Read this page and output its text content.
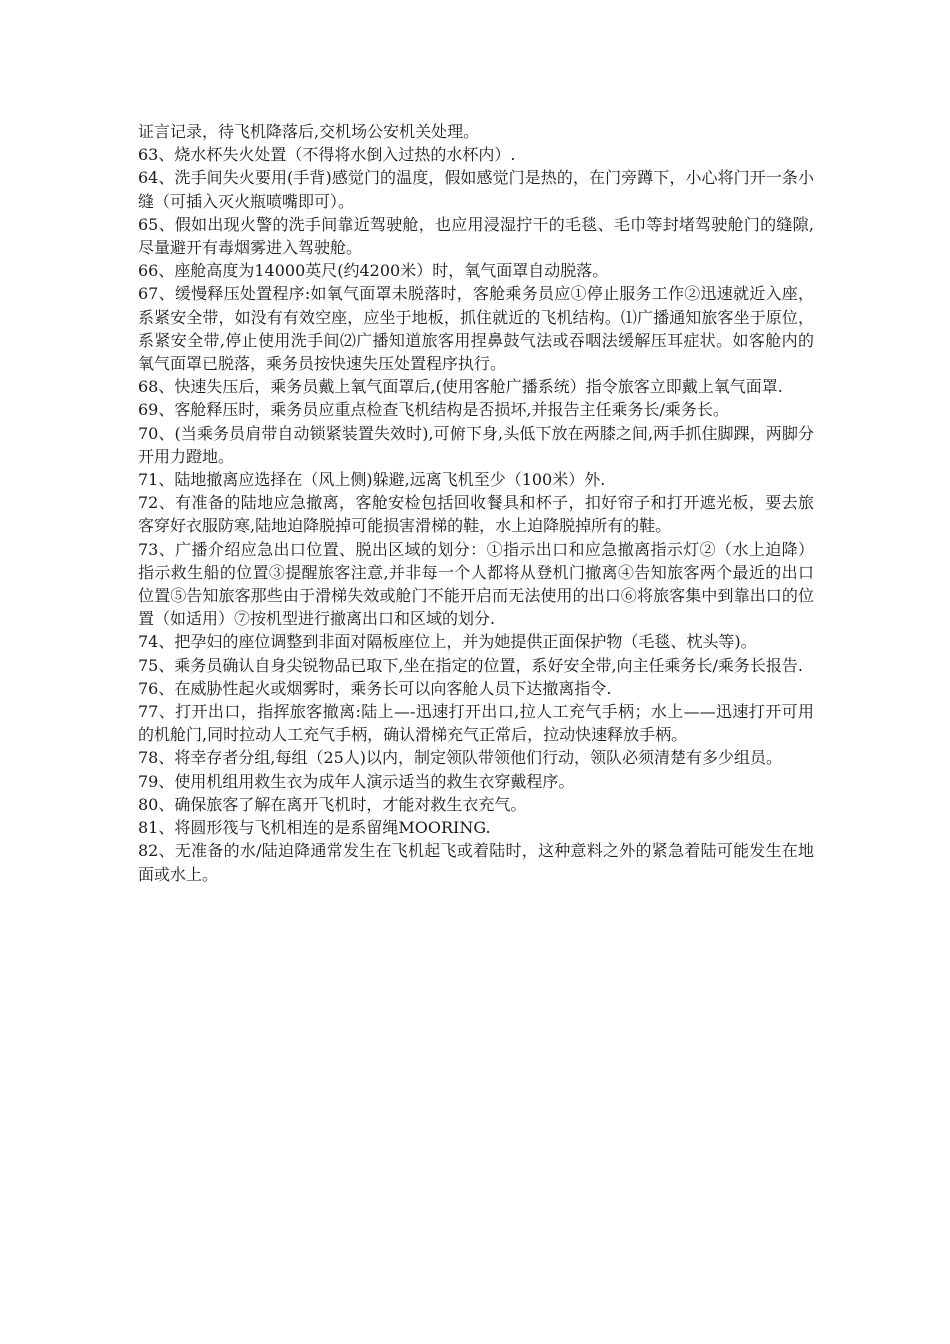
证言记录，待飞机降落后,交机场公安机关处理。

63、烧水杯失火处置（不得将水倒入过热的水杯内）.

64、洗手间失火要用(手背)感觉门的温度，假如感觉门是热的，在门旁蹲下，小心将门开一条小缝（可插入灭火瓶喷嘴即可）。

65、假如出现火警的洗手间靠近驾驶舱，也应用浸湿拧干的毛毯、毛巾等封堵驾驶舱门的缝隙,尽量避开有毒烟雾进入驾驶舱。

66、座舱高度为14000英尺(约4200米）时，氧气面罩自动脱落。

67、缓慢释压处置程序:如氧气面罩未脱落时，客舱乘务员应①停止服务工作②迅速就近入座，系紧安全带，如没有有效空座，应坐于地板，抓住就近的飞机结构。⑴广播通知旅客坐于原位，系紧安全带,停止使用洗手间⑵广播知道旅客用捏鼻鼓气法或吞咽法缓解压耳症状。如客舱内的氧气面罩已脱落，乘务员按快速失压处置程序执行。

68、快速失压后，乘务员戴上氧气面罩后,(使用客舱广播系统）指令旅客立即戴上氧气面罩.

69、客舱释压时，乘务员应重点检查飞机结构是否损坏,并报告主任乘务长/乘务长。

70、(当乘务员肩带自动锁紧装置失效时),可俯下身,头低下放在两膝之间,两手抓住脚踝，两脚分开用力蹬地。

71、陆地撤离应选择在（风上侧)躲避,远离飞机至少（100米）外.

72、有准备的陆地应急撤离，客舱安检包括回收餐具和杯子，扣好帘子和打开遮光板，要去旅客穿好衣服防寒,陆地迫降脱掉可能损害滑梯的鞋，水上迫降脱掉所有的鞋。

73、广播介绍应急出口位置、脱出区域的划分：①指示出口和应急撤离指示灯②（水上迫降）指示救生船的位置③提醒旅客注意,并非每一个人都将从登机门撤离④告知旅客两个最近的出口位置⑤告知旅客那些由于滑梯失效或舱门不能开启而无法使用的出口⑥将旅客集中到靠出口的位置（如适用）⑦按机型进行撤离出口和区域的划分.

74、把孕妇的座位调整到非面对隔板座位上，并为她提供正面保护物（毛毯、枕头等)。

75、乘务员确认自身尖锐物品已取下,坐在指定的位置，系好安全带,向主任乘务长/乘务长报告.

76、在威胁性起火或烟雾时，乘务长可以向客舱人员下达撤离指令.

77、打开出口，指挥旅客撤离:陆上—-迅速打开出口,拉人工充气手柄；水上——迅速打开可用的机舱门,同时拉动人工充气手柄，确认滑梯充气正常后，拉动快速释放手柄。

78、将幸存者分组,每组（25人)以内，制定领队带领他们行动，领队必须清楚有多少组员。

79、使用机组用救生衣为成年人演示适当的救生衣穿戴程序。

80、确保旅客了解在离开飞机时，才能对救生衣充气。

81、将圆形筏与飞机相连的是系留绳MOORING.

82、无准备的水/陆迫降通常发生在飞机起飞或着陆时，这种意料之外的紧急着陆可能发生在地面或水上。
